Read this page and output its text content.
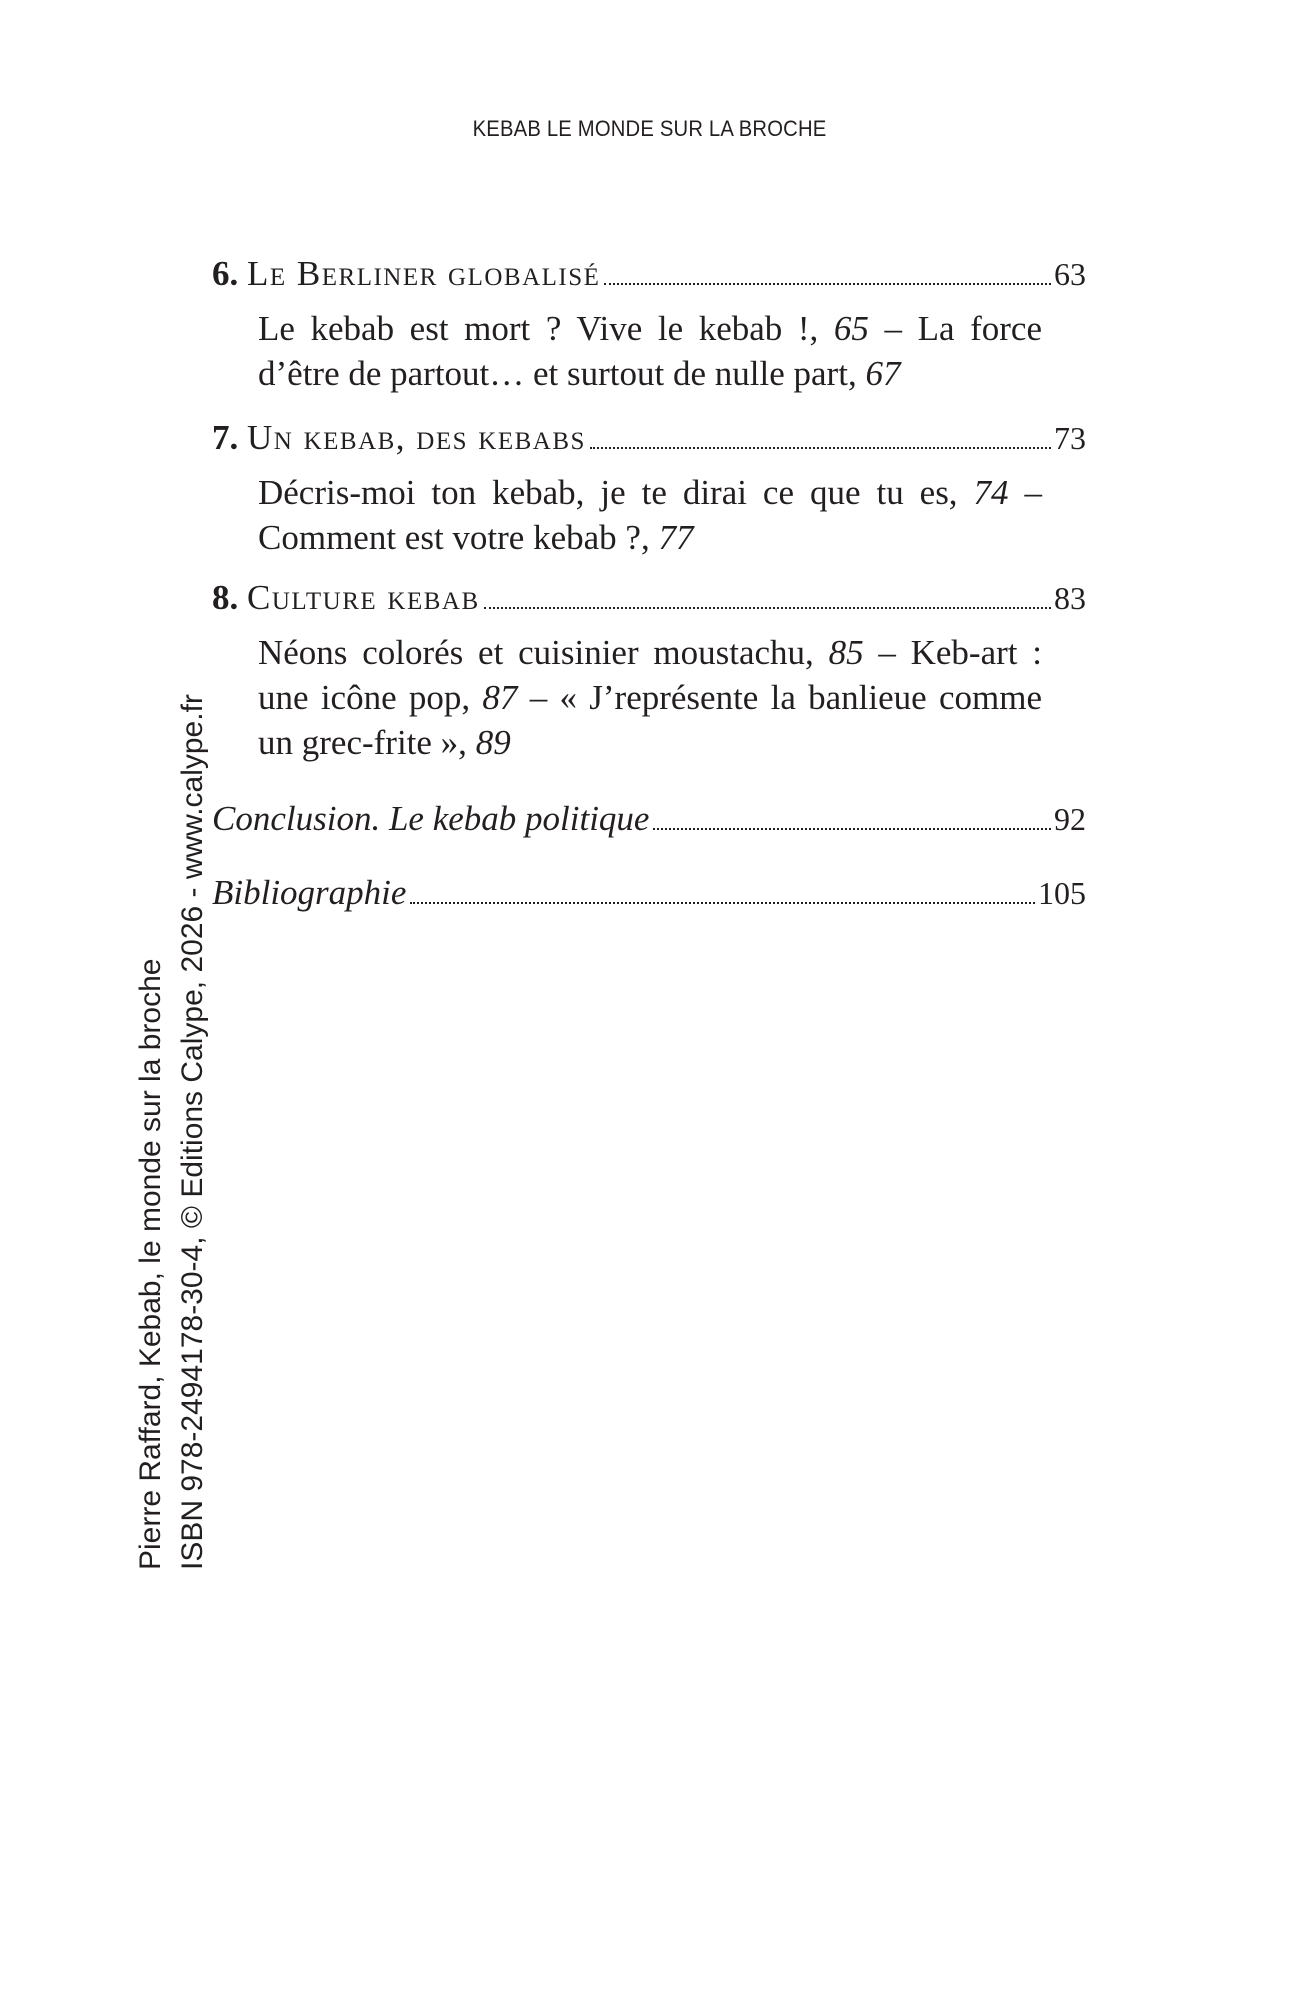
KEBAB LE MONDE SUR LA BROCHE
6. Le Berliner globalisé	63
Le kebab est mort ? Vive le kebab !, 65 – La force d’être de partout… et surtout de nulle part, 67
7. Un kebab, des kebabs	73
Décris-moi ton kebab, je te dirai ce que tu es, 74 – Comment est votre kebab ?, 77
8. Culture kebab	83
Néons colorés et cuisinier moustachu, 85 – Keb-art : une icône pop, 87 – « J’représente la banlieue comme un grec-frite », 89
Conclusion. Le kebab politique	92
Bibliographie	105
Pierre Raffard, Kebab, le monde sur la broche ISBN 978-2494178-30-4, © Editions Calype, 2026 - www.calype.fr
